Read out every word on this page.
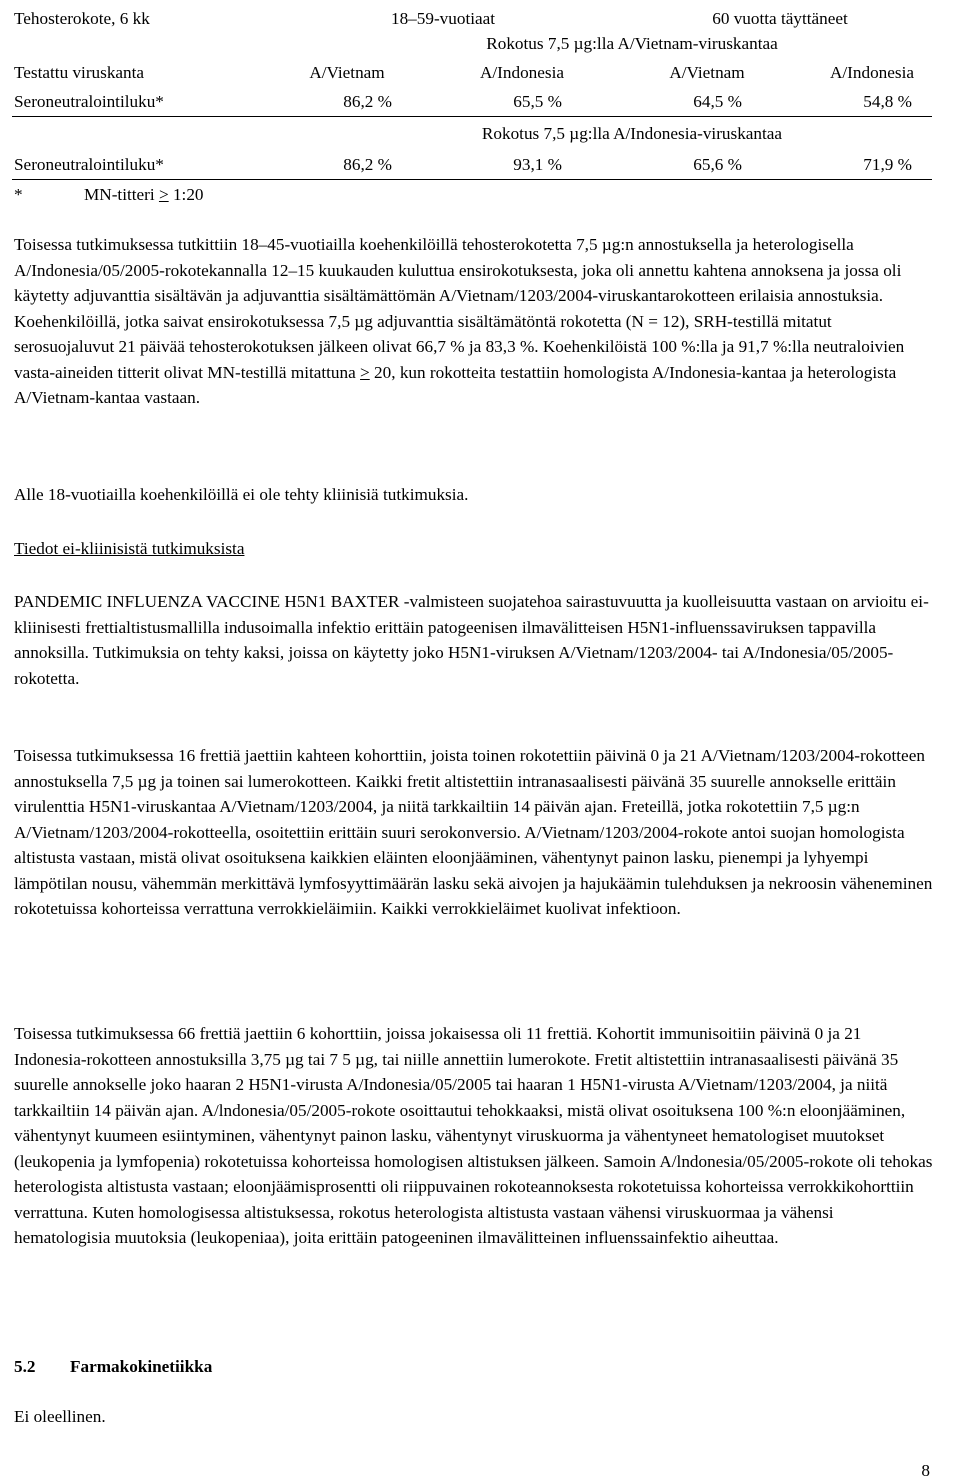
Tehosterokote, 6 kk	18–59-vuotiaat	60 vuotta täyttäneet
Rokotus 7,5 µg:lla A/Vietnam-viruskantaa
Testattu viruskanta	A/Vietnam	A/Indonesia	A/Vietnam	A/Indonesia
Seroneutralointiluku*	86,2 %	65,5 %	64,5 %	54,8 %
Rokotus 7,5 µg:lla A/Indonesia-viruskantaa
Seroneutralointiluku*	86,2 %	93,1 %	65,6 %	71,9 %
*	MN-titteri > 1:20

Toisessa tutkimuksessa tutkittiin 18–45-vuotiailla koehenkilöillä tehosterokotetta 7,5 µg:n annostuksella ja heterologisella A/Indonesia/05/2005-rokotekannalla 12–15 kuukauden kuluttua ensirokotuksesta, joka oli annettu kahtena annoksena ja jossa oli käytetty adjuvanttia sisältävän ja adjuvanttia sisältämättömän A/Vietnam/1203/2004-viruskantarokotteen erilaisia annostuksia. Koehenkilöillä, jotka saivat ensirokotuksessa 7,5 µg adjuvanttia sisältämätöntä rokotetta (N = 12), SRH-testillä mitatut serosuojaluvut 21 päivää tehosterokotuksen jälkeen olivat 66,7 % ja 83,3 %. Koehenkilöistä 100 %:lla ja 91,7 %:lla neutraloivien vasta-aineiden titterit olivat MN-testillä mitattuna > 20, kun rokotteita testattiin homologista A/Indonesia-kantaa ja heterologista A/Vietnam-kantaa vastaan.

Alle 18-vuotiailla koehenkilöillä ei ole tehty kliinisiä tutkimuksia.

Tiedot ei-kliinisistä tutkimuksista

PANDEMIC INFLUENZA VACCINE H5N1 BAXTER -valmisteen suojatehoa sairastuvuutta ja kuolleisuutta vastaan on arvioitu ei-kliinisesti frettialtistusmallilla indusoimalla infektio erittäin patogeenisen ilmavälitteisen H5N1-influenssaviruksen tappavilla annoksilla. Tutkimuksia on tehty kaksi, joissa on käytetty joko H5N1-viruksen A/Vietnam/1203/2004- tai A/Indonesia/05/2005-rokotetta.

Toisessa tutkimuksessa 16 frettiä jaettiin kahteen kohorttiin, joista toinen rokotettiin päivinä 0 ja 21 A/Vietnam/1203/2004-rokotteen annostuksella 7,5 µg ja toinen sai lumerokotteen. Kaikki fretit altistettiin intranasaalisesti päivänä 35 suurelle annokselle erittäin virulenttia H5N1-viruskantaa A/Vietnam/1203/2004, ja niitä tarkkailtiin 14 päivän ajan. Freteillä, jotka rokotettiin 7,5 µg:n A/Vietnam/1203/2004-rokotteella, osoitettiin erittäin suuri serokonversio. A/Vietnam/1203/2004-rokote antoi suojan homologista altistusta vastaan, mistä olivat osoituksena kaikkien eläinten eloonjääminen, vähentynyt painon lasku, pienempi ja lyhyempi lämpötilan nousu, vähemmän merkittävä lymfosyyttimäärän lasku sekä aivojen ja hajukäämin tulehduksen ja nekroosin väheneminen rokotetuissa kohorteissa verrattuna verrokkieläimiin. Kaikki verrokkieläimet kuolivat infektioon.

Toisessa tutkimuksessa 66 frettiä jaettiin 6 kohorttiin, joissa jokaisessa oli 11 frettiä. Kohortit immunisoitiin päivinä 0 ja 21 Indonesia-rokotteen annostuksilla 3,75 µg tai 7 5 µg, tai niille annettiin lumerokote. Fretit altistettiin intranasaalisesti päivänä 35 suurelle annokselle joko haaran 2 H5N1-virusta A/Indonesia/05/2005 tai haaran 1 H5N1-virusta A/Vietnam/1203/2004, ja niitä tarkkailtiin 14 päivän ajan. A/lndonesia/05/2005-rokote osoittautui tehokkaaksi, mistä olivat osoituksena 100 %:n eloonjääminen, vähentynyt kuumeen esiintyminen, vähentynyt painon lasku, vähentynyt viruskuorma ja vähentyneet hematologiset muutokset (leukopenia ja lymfopenia) rokotetuissa kohorteissa homologisen altistuksen jälkeen. Samoin A/lndonesia/05/2005-rokote oli tehokas heterologista altistusta vastaan; eloonjäämisprosentti oli riippuvainen rokoteannoksesta rokotetuissa kohorteissa verrokkikohorttiin verrattuna. Kuten homologisessa altistuksessa, rokotus heterologista altistusta vastaan vähensi viruskuormaa ja vähensi hematologisia muutoksia (leukopeniaa), joita erittäin patogeeninen ilmavälitteinen influenssainfektio aiheuttaa.

5.2 Farmakokinetiikka

Ei oleellinen.

8
